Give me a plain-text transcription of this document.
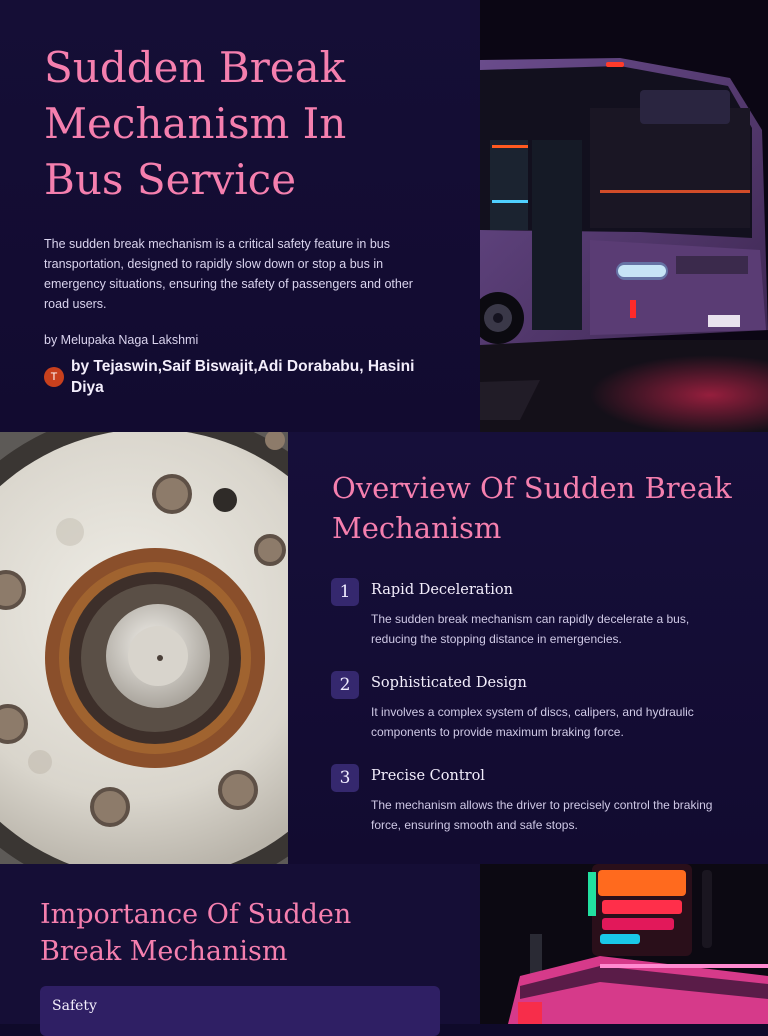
Sudden Break Mechanism In Bus Service

The sudden break mechanism is a critical safety feature in bus transportation, designed to rapidly slow down or stop a bus in emergency situations, ensuring the safety of passengers and other road users.

by Melupaka Naga Lakshmi

T
by Tejaswin,Saif Biswajit,Adi Dorababu, Hasini Diya
Overview Of Sudden Break Mechanism
1	Rapid Deceleration
The sudden break mechanism can rapidly decelerate a bus, reducing the stopping distance in emergencies.
2	Sophisticated Design
It involves a complex system of discs, calipers, and hydraulic components to provide maximum braking force.
3	Precise Control
The mechanism allows the driver to precisely control the braking force, ensuring smooth and safe stops.
Importance Of Sudden Break Mechanism
Safety
